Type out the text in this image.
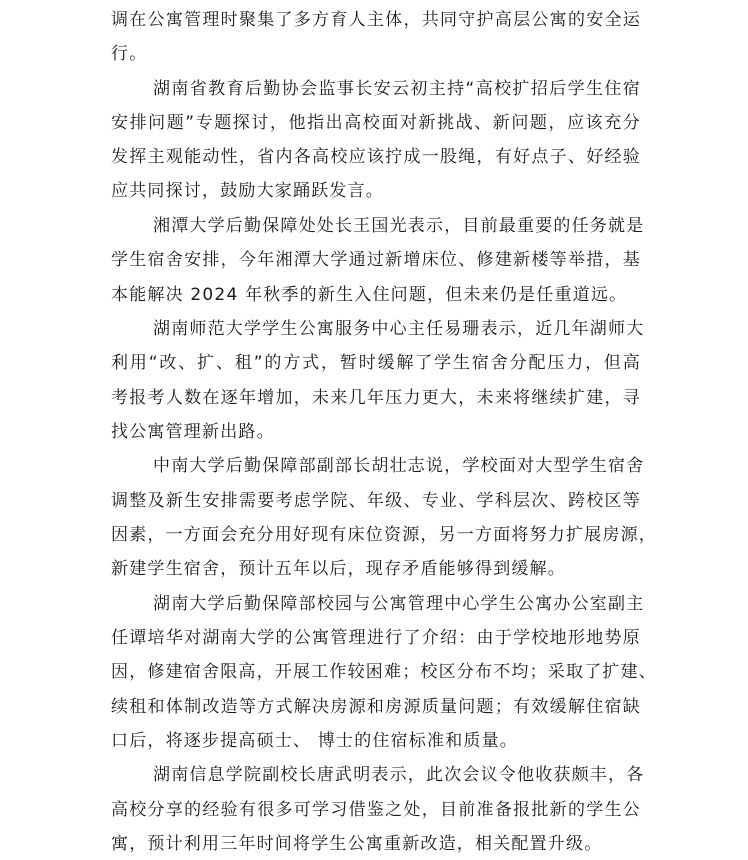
调在公寓管理时聚集了多方育人主体，共同守护高层公寓的安全运
行。
湖南省教育后勤协会监事长安云初主持“高校扩招后学生住宿
安排问题”专题探讨，他指出高校面对新挑战、新问题，应该充分
发挥主观能动性，省内各高校应该拧成一股绳，有好点子、好经验
应共同探讨，鼓励大家踊跃发言。
湘潭大学后勤保障处处长王国光表示，目前最重要的任务就是
学生宿舍安排，今年湘潭大学通过新增床位、修建新楼等举措，基
本能解决 2024 年秋季的新生入住问题，但未来仍是任重道远。
湖南师范大学学生公寓服务中心主任易珊表示，近几年湖师大
利用“改、扩、租”的方式，暂时缓解了学生宿舍分配压力，但高
考报考人数在逐年增加，未来几年压力更大，未来将继续扩建，寻
找公寓管理新出路。
中南大学后勤保障部副部长胡壮志说，学校面对大型学生宿舍
调整及新生安排需要考虑学院、年级、专业、学科层次、跨校区等
因素，一方面会充分用好现有床位资源，另一方面将努力扩展房源，
新建学生宿舍，预计五年以后，现存矛盾能够得到缓解。
湖南大学后勤保障部校园与公寓管理中心学生公寓办公室副主
任谭培华对湖南大学的公寓管理进行了介绍：由于学校地形地势原
因，修建宿舍限高，开展工作较困难；校区分布不均；采取了扩建、
续租和体制改造等方式解决房源和房源质量问题；有效缓解住宿缺
口后，将逐步提高硕士、 博士的住宿标准和质量。
湖南信息学院副校长唐武明表示，此次会议令他收获颇丰，各
高校分享的经验有很多可学习借鉴之处，目前准备报批新的学生公
寓，预计利用三年时间将学生公寓重新改造，相关配置升级。
